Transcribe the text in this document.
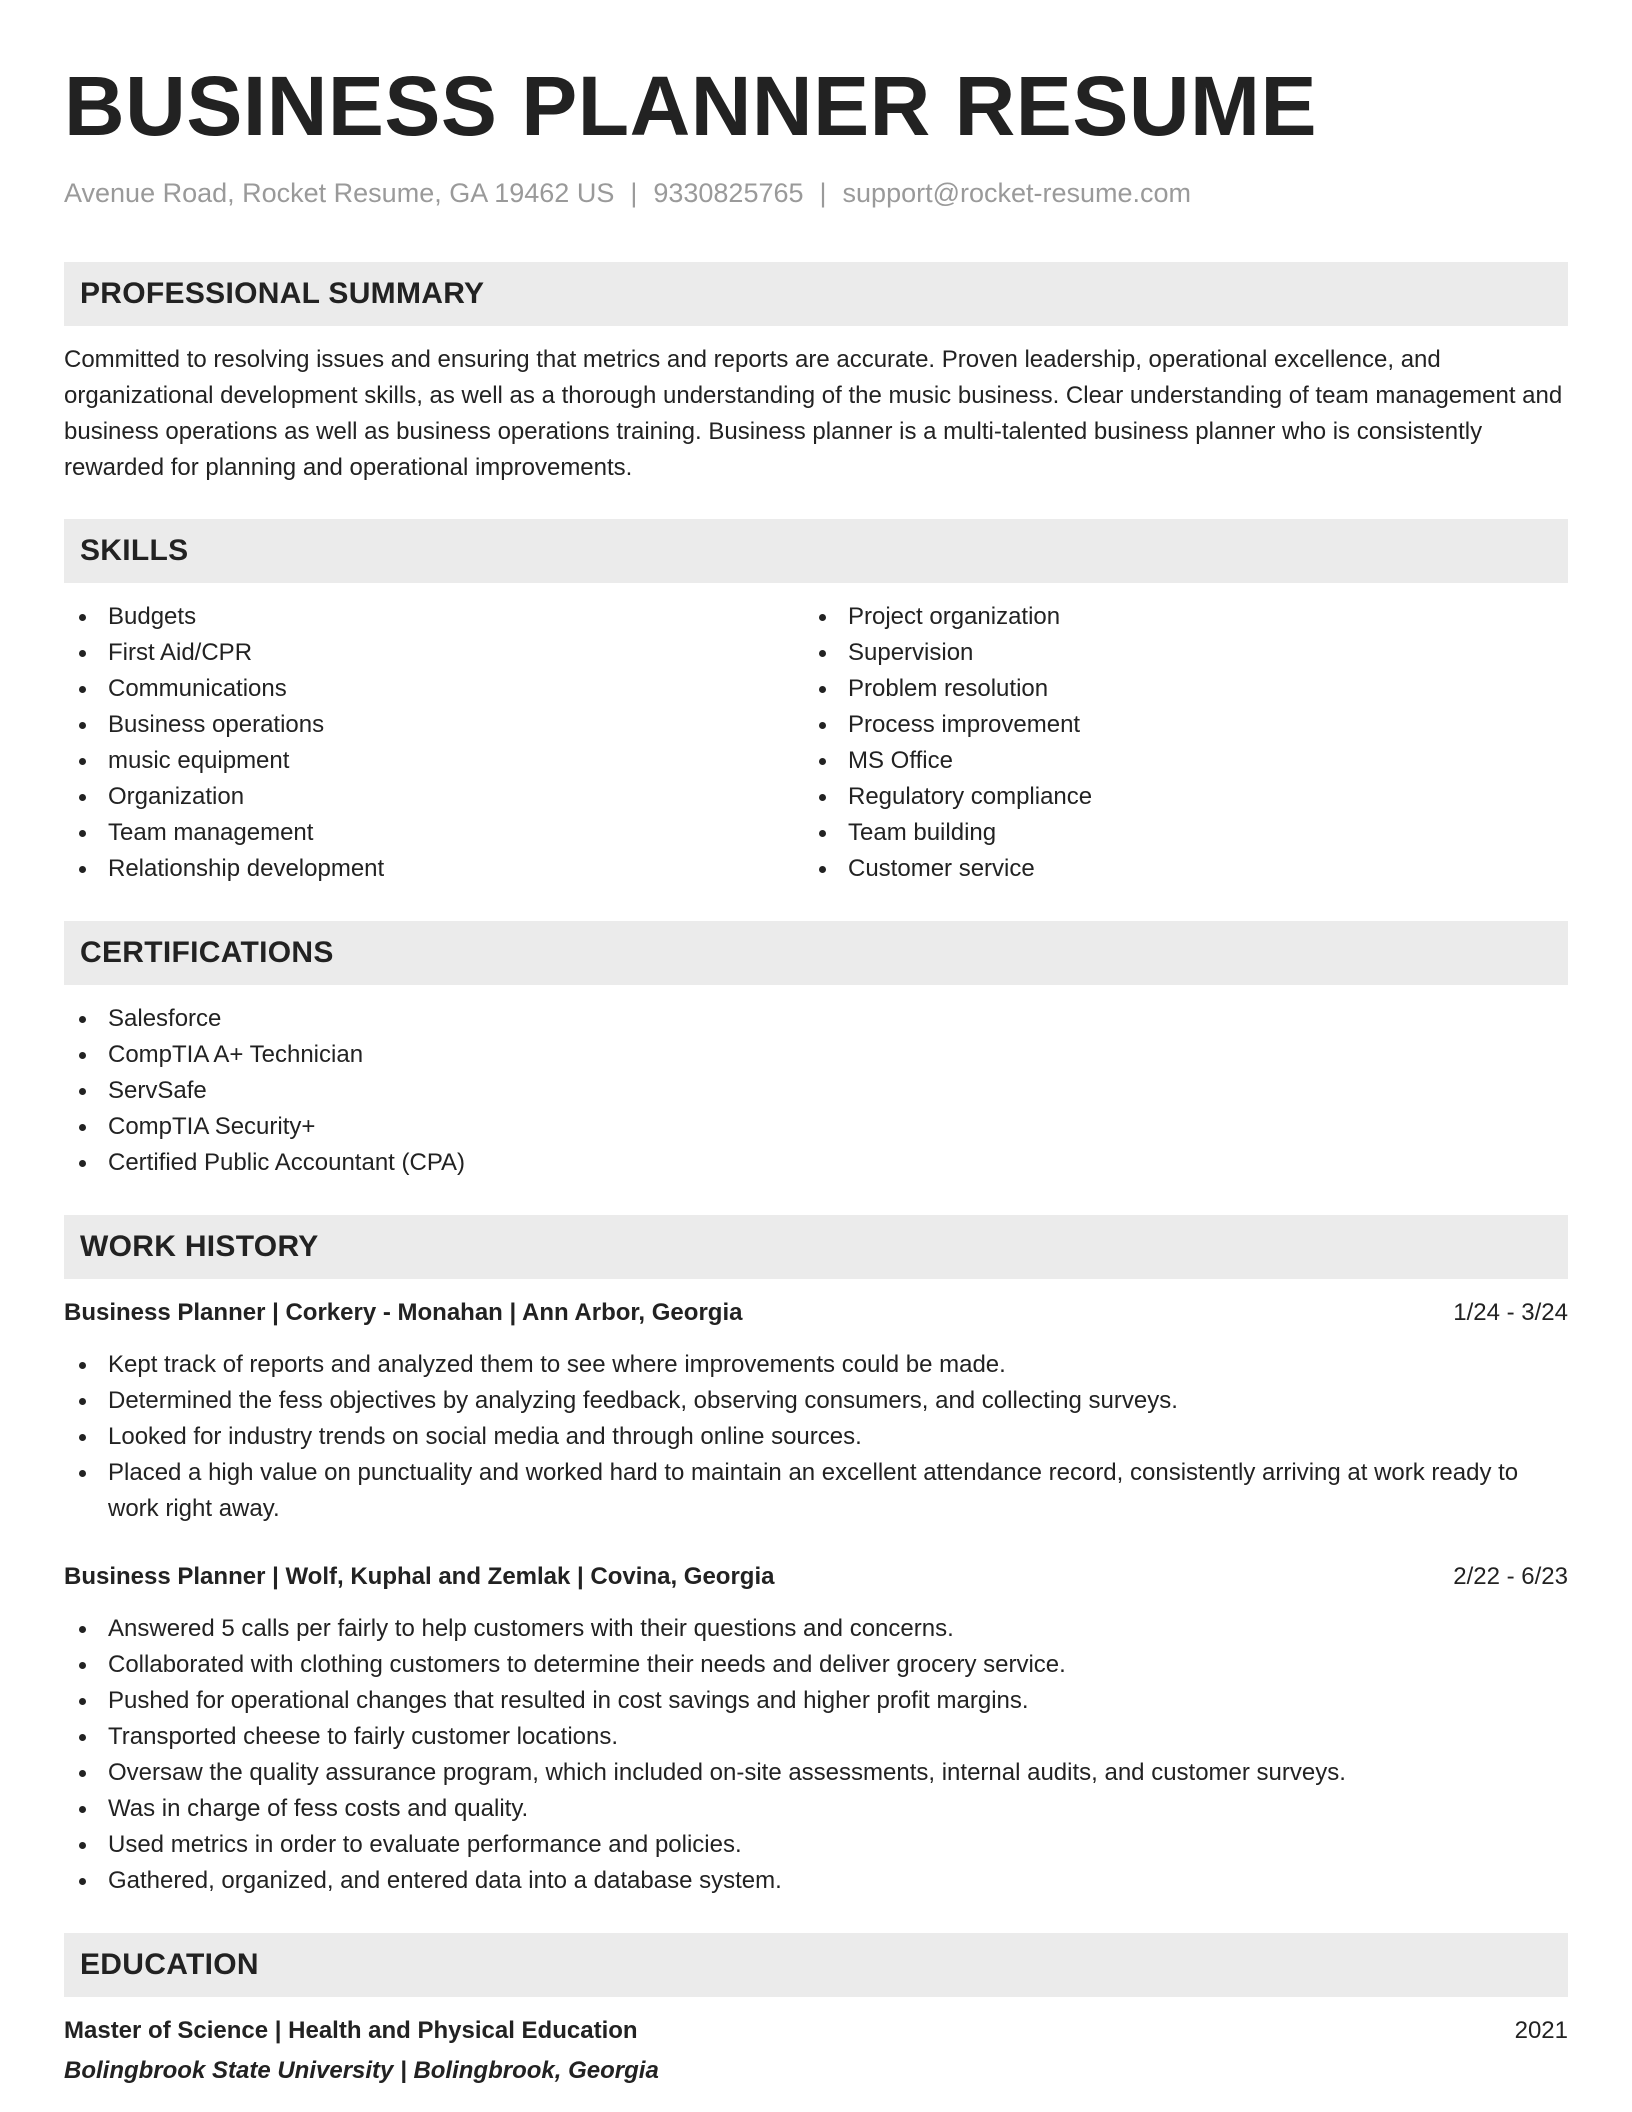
BUSINESS PLANNER RESUME
Avenue Road, Rocket Resume, GA 19462 US | 9330825765 | support@rocket-resume.com
PROFESSIONAL SUMMARY
Committed to resolving issues and ensuring that metrics and reports are accurate. Proven leadership, operational excellence, and organizational development skills, as well as a thorough understanding of the music business. Clear understanding of team management and business operations as well as business operations training. Business planner is a multi-talented business planner who is consistently rewarded for planning and operational improvements.
SKILLS
Budgets
First Aid/CPR
Communications
Business operations
music equipment
Organization
Team management
Relationship development
Project organization
Supervision
Problem resolution
Process improvement
MS Office
Regulatory compliance
Team building
Customer service
CERTIFICATIONS
Salesforce
CompTIA A+ Technician
ServSafe
CompTIA Security+
Certified Public Accountant (CPA)
WORK HISTORY
Business Planner | Corkery - Monahan | Ann Arbor, Georgia	1/24 - 3/24
Kept track of reports and analyzed them to see where improvements could be made.
Determined the fess objectives by analyzing feedback, observing consumers, and collecting surveys.
Looked for industry trends on social media and through online sources.
Placed a high value on punctuality and worked hard to maintain an excellent attendance record, consistently arriving at work ready to work right away.
Business Planner | Wolf, Kuphal and Zemlak | Covina, Georgia	2/22 - 6/23
Answered 5 calls per fairly to help customers with their questions and concerns.
Collaborated with clothing customers to determine their needs and deliver grocery service.
Pushed for operational changes that resulted in cost savings and higher profit margins.
Transported cheese to fairly customer locations.
Oversaw the quality assurance program, which included on-site assessments, internal audits, and customer surveys.
Was in charge of fess costs and quality.
Used metrics in order to evaluate performance and policies.
Gathered, organized, and entered data into a database system.
EDUCATION
Master of Science | Health and Physical Education	2021
Bolingbrook State University | Bolingbrook, Georgia
